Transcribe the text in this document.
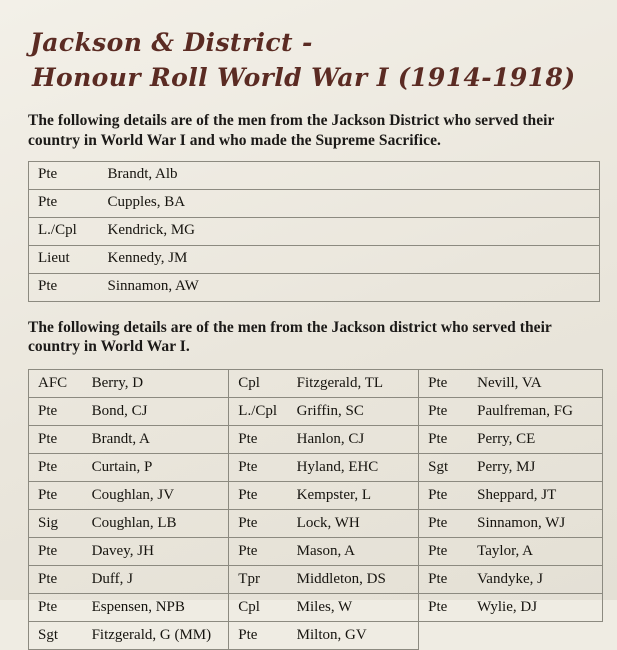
Jackson & District -
Honour Roll World War I (1914-1918)

The following details are of the men from the Jackson District who served their country in World War I and who made the Supreme Sacrifice.

Pte	Brandt, Alb
Pte	Cupples, BA
L./Cpl	Kendrick, MG
Lieut	Kennedy, JM
Pte	Sinnamon, AW

The following details are of the men from the Jackson district who served their country in World War I.

AFC	Berry, D	Cpl	Fitzgerald, TL	Pte	Nevill, VA
Pte	Bond, CJ	L./Cpl	Griffin, SC	Pte	Paulfreman, FG
Pte	Brandt, A	Pte	Hanlon, CJ	Pte	Perry, CE
Pte	Curtain, P	Pte	Hyland, EHC	Sgt	Perry, MJ
Pte	Coughlan, JV	Pte	Kempster, L	Pte	Sheppard, JT
Sig	Coughlan, LB	Pte	Lock, WH	Pte	Sinnamon, WJ
Pte	Davey, JH	Pte	Mason, A	Pte	Taylor, A
Pte	Duff, J	Tpr	Middleton, DS	Pte	Vandyke, J
Pte	Espensen, NPB	Cpl	Miles, W	Pte	Wylie, DJ
Sgt	Fitzgerald, G (MM)	Pte	Milton, GV		
